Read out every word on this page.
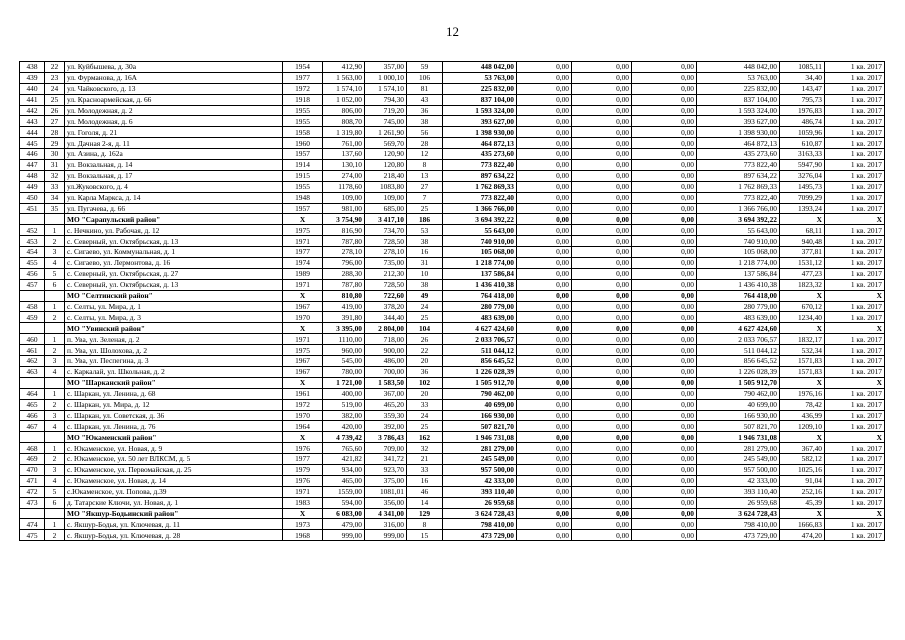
12
438	22	ул. Куйбышева, д. 30а	1954	412,90	357,00	59	448 042,00	0,00	0,00	0,00	448 042,00	1085,11	1 кв. 2017
439	23	ул. Фурманова, д. 16А	1977	1 563,00	1 000,10	106	53 763,00	0,00	0,00	0,00	53 763,00	34,40	1 кв. 2017
440	24	ул. Чайковского, д. 13	1972	1 574,10	1 574,10	81	225 832,00	0,00	0,00	0,00	225 832,00	143,47	1 кв. 2017
441	25	ул. Красноармейская, д. 66	1918	1 052,00	794,30	43	837 104,00	0,00	0,00	0,00	837 104,00	795,73	1 кв. 2017
442	26	ул. Молодежная, д. 2	1955	806,00	719,20	36	1 593 324,00	0,00	0,00	0,00	1 593 324,00	1976,83	1 кв. 2017
443	27	ул. Молодежная, д. 6	1955	808,70	745,00	38	393 627,00	0,00	0,00	0,00	393 627,00	486,74	1 кв. 2017
444	28	ул. Гоголя, д. 21	1958	1 319,80	1 261,90	56	1 398 930,00	0,00	0,00	0,00	1 398 930,00	1059,96	1 кв. 2017
445	29	ул. Дачная 2-я, д. 11	1960	761,00	569,70	28	464 872,13	0,00	0,00	0,00	464 872,13	610,87	1 кв. 2017
446	30	ул. Азина, д. 162а	1957	137,60	120,90	12	435 273,60	0,00	0,00	0,00	435 273,60	3163,33	1 кв. 2017
447	31	ул. Вокзальная, д. 14	1914	130,10	120,80	8	773 822,40	0,00	0,00	0,00	773 822,40	5947,90	1 кв. 2017
448	32	ул. Вокзальная, д. 17	1915	274,00	218,40	13	897 634,22	0,00	0,00	0,00	897 634,22	3276,04	1 кв. 2017
449	33	ул.Жуковского, д. 4	1955	1178,60	1083,80	27	1 762 869,33	0,00	0,00	0,00	1 762 869,33	1495,73	1 кв. 2017
450	34	ул. Карла Маркса, д. 14	1948	109,00	109,00	7	773 822,40	0,00	0,00	0,00	773 822,40	7099,29	1 кв. 2017
451	35	ул. Пугачева, д. 66	1957	981,00	685,00	25	1 366 766,00	0,00	0,00	0,00	1 366 766,00	1393,24	1 кв. 2017
		МО "Сарапульский район"	X	3 754,90	3 417,10	186	3 694 392,22	0,00	0,00	0,00	3 694 392,22	X	X
452	1	с. Нечкино, ул. Рабочая, д. 12	1975	816,90	734,70	53	55 643,00	0,00	0,00	0,00	55 643,00	68,11	1 кв. 2017
453	2	с. Северный, ул. Октябрьская, д. 13	1971	787,80	728,50	38	740 910,00	0,00	0,00	0,00	740 910,00	940,48	1 кв. 2017
454	3	с. Сигаево, ул. Коммунальная, д. 1	1977	278,10	278,10	16	105 068,00	0,00	0,00	0,00	105 068,00	377,81	1 кв. 2017
455	4	с. Сигаево, ул. Лермонтова, д. 16	1974	796,00	735,00	31	1 218 774,00	0,00	0,00	0,00	1 218 774,00	1531,12	1 кв. 2017
456	5	с. Северный, ул. Октябрьская, д. 27	1989	288,30	212,30	10	137 586,84	0,00	0,00	0,00	137 586,84	477,23	1 кв. 2017
457	6	с. Северный, ул. Октябрьская, д. 13	1971	787,80	728,50	38	1 436 410,38	0,00	0,00	0,00	1 436 410,38	1823,32	1 кв. 2017
		МО "Селтинский район"	X	810,80	722,60	49	764 418,00	0,00	0,00	0,00	764 418,00	X	X
458	1	с. Селты, ул. Мира, д. 1	1967	419,00	378,20	24	280 779,00	0,00	0,00	0,00	280 779,00	670,12	1 кв. 2017
459	2	с. Селты, ул. Мира, д. 3	1970	391,80	344,40	25	483 639,00	0,00	0,00	0,00	483 639,00	1234,40	1 кв. 2017
		МО "Увинский район"	X	3 395,00	2 804,00	104	4 627 424,60	0,00	0,00	0,00	4 627 424,60	X	X
460	1	п. Ува, ул. Зеленая, д. 2	1971	1110,00	718,00	26	2 033 706,57	0,00	0,00	0,00	2 033 706,57	1832,17	1 кв. 2017
461	2	п. Ува, ул. Шолохова, д. 2	1975	960,00	900,00	22	511 044,12	0,00	0,00	0,00	511 044,12	532,34	1 кв. 2017
462	3	п. Ува, ул. Песпегина, д. 3	1967	545,00	486,00	20	856 645,52	0,00	0,00	0,00	856 645,52	1571,83	1 кв. 2017
463	4	с. Каркалай, ул. Школьная, д. 2	1967	780,00	700,00	36	1 226 028,39	0,00	0,00	0,00	1 226 028,39	1571,83	1 кв. 2017
		МО "Шарканский район"	X	1 721,00	1 583,50	102	1 505 912,70	0,00	0,00	0,00	1 505 912,70	X	X
464	1	с. Шаркан, ул. Ленина, д. 68	1961	400,00	367,00	20	790 462,00	0,00	0,00	0,00	790 462,00	1976,16	1 кв. 2017
465	2	с. Шаркан, ул. Мира, д. 12	1972	519,00	465,20	33	40 699,00	0,00	0,00	0,00	40 699,00	78,42	1 кв. 2017
466	3	с. Шаркан, ул. Советская, д. 36	1970	382,00	359,30	24	166 930,00	0,00	0,00	0,00	166 930,00	436,99	1 кв. 2017
467	4	с. Шаркан, ул. Ленина, д. 76	1964	420,00	392,00	25	507 821,70	0,00	0,00	0,00	507 821,70	1209,10	1 кв. 2017
		МО "Юкаменский район"	X	4 739,42	3 786,43	162	1 946 731,08	0,00	0,00	0,00	1 946 731,08	X	X
468	1	с. Юкаменское, ул. Новая, д. 9	1976	765,60	709,00	32	281 279,00	0,00	0,00	0,00	281 279,00	367,40	1 кв. 2017
469	2	с. Юкаменское, ул. 50 лет ВЛКСМ, д. 5	1977	421,82	341,72	21	245 549,00	0,00	0,00	0,00	245 549,00	582,12	1 кв. 2017
470	3	с. Юкаменское, ул. Первомайская, д. 25	1979	934,00	923,70	33	957 500,00	0,00	0,00	0,00	957 500,00	1025,16	1 кв. 2017
471	4	с. Юкаменское, ул. Новая, д. 14	1976	465,00	375,00	16	42 333,00	0,00	0,00	0,00	42 333,00	91,04	1 кв. 2017
472	5	с.Юкаменское, ул. Попова, д.39	1971	1559,00	1081,01	46	393 110,40	0,00	0,00	0,00	393 110,40	252,16	1 кв. 2017
473	6	д. Татарские Ключи, ул. Новая, д. 1	1983	594,00	356,00	14	26 959,68	0,00	0,00	0,00	26 959,68	45,39	1 кв. 2017
		МО "Якшур-Бодьинский район"	X	6 083,00	4 341,00	129	3 624 728,43	0,00	0,00	0,00	3 624 728,43	X	X
474	1	с. Якшур-Бодья, ул. Ключевая, д. 11	1973	479,00	316,00	8	798 410,00	0,00	0,00	0,00	798 410,00	1666,83	1 кв. 2017
475	2	с. Якшур-Бодья, ул. Ключевая, д. 28	1968	999,00	999,00	15	473 729,00	0,00	0,00	0,00	473 729,00	474,20	1 кв. 2017
